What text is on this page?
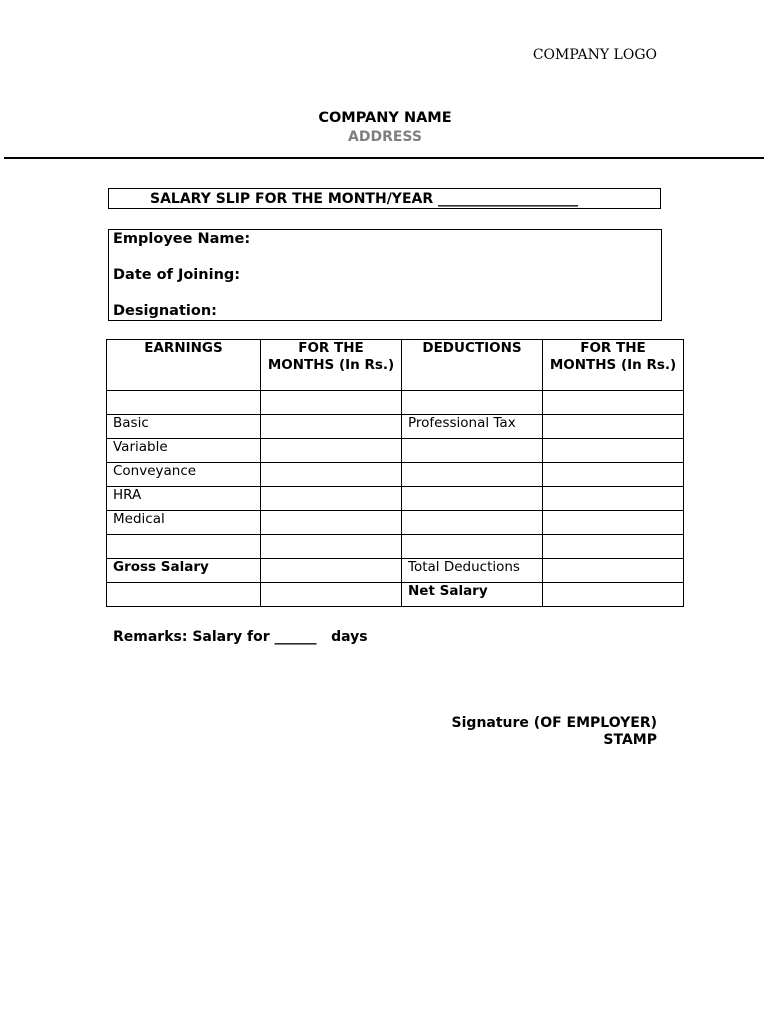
COMPANY LOGO
COMPANY NAME
ADDRESS
SALARY SLIP FOR THE MONTH/YEAR ____________________
Employee Name:
Date of Joining:
Designation:
EARNINGS	FOR THE MONTHS (In Rs.)	DEDUCTIONS	FOR THE MONTHS (In Rs.)

Basic		Professional Tax	
Variable			
Conveyance			
HRA			
Medical			

Gross Salary		Total Deductions	
		Net Salary	
Remarks: Salary for ______   days
Signature (OF EMPLOYER)
STAMP
